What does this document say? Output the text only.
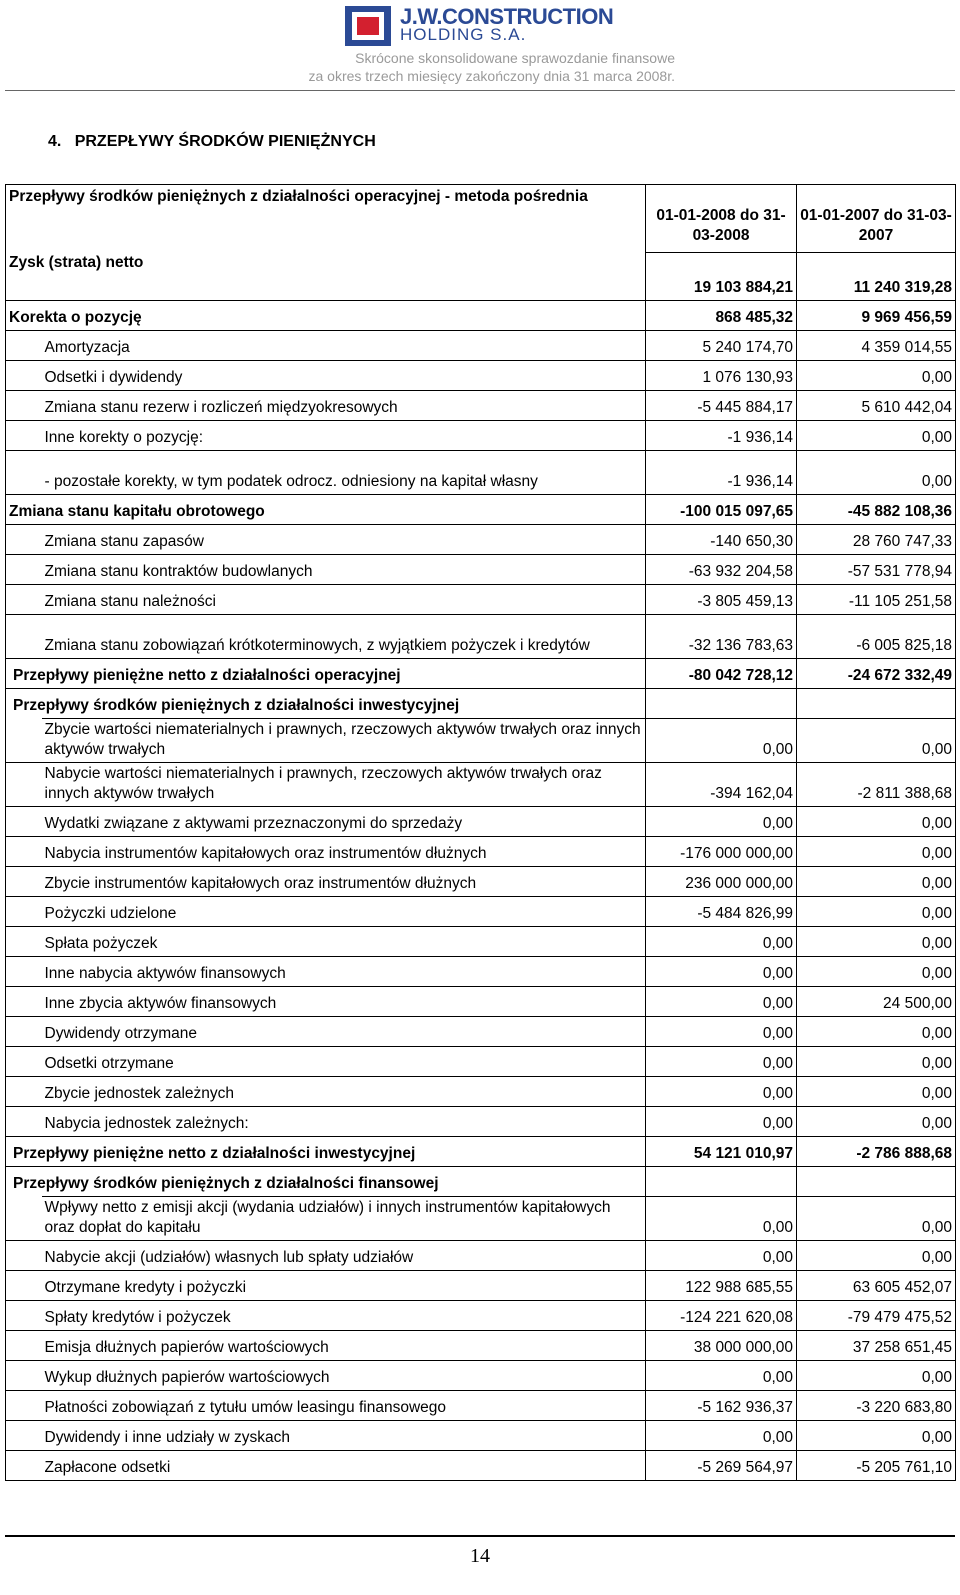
J.W.CONSTRUCTION
HOLDING S.A.
Skrócone skonsolidowane sprawozdanie finansowe
za okres trzech miesięcy zakończony dnia 31 marca 2008r.
4. PRZEPŁYWY ŚRODKÓW PIENIĘŻNYCH
Przepływy środków pieniężnych z działalności operacyjnej - metoda pośrednia		01-01-2008 do 31-03-2008	01-01-2007 do 31-03-2007

Zysk (strata) netto		19 103 884,21	11 240 319,28
Korekta o pozycję		868 485,32	9 969 456,59
	Amortyzacja	5 240 174,70	4 359 014,55
	Odsetki i dywidendy	1 076 130,93	0,00
	Zmiana stanu rezerw i rozliczeń międzyokresowych	-5 445 884,17	5 610 442,04
	Inne korekty o pozycję:	-1 936,14	0,00
	- pozostałe korekty, w tym podatek odrocz. odniesiony na kapitał własny	-1 936,14	0,00
Zmiana stanu kapitału obrotowego		-100 015 097,65	-45 882 108,36
	Zmiana stanu zapasów	-140 650,30	28 760 747,33
	Zmiana stanu kontraktów budowlanych	-63 932 204,58	-57 531 778,94
	Zmiana stanu należności	-3 805 459,13	-11 105 251,58
	Zmiana stanu zobowiązań krótkoterminowych, z wyjątkiem pożyczek i kredytów	-32 136 783,63	-6 005 825,18
Przepływy pieniężne netto z działalności operacyjnej		-80 042 728,12	-24 672 332,49
Przepływy środków pieniężnych z działalności inwestycyjnej			
	Zbycie wartości niematerialnych i prawnych, rzeczowych aktywów trwałych oraz innych aktywów trwałych	0,00	0,00
	Nabycie wartości niematerialnych i prawnych, rzeczowych aktywów trwałych oraz innych aktywów trwałych	-394 162,04	-2 811 388,68
	Wydatki związane z aktywami przeznaczonymi do sprzedaży	0,00	0,00
	Nabycia instrumentów kapitałowych oraz instrumentów dłużnych	-176 000 000,00	0,00
	Zbycie instrumentów kapitałowych oraz instrumentów dłużnych	236 000 000,00	0,00
	Pożyczki udzielone	-5 484 826,99	0,00
	Spłata pożyczek	0,00	0,00
	Inne nabycia aktywów finansowych	0,00	0,00
	Inne zbycia aktywów finansowych	0,00	24 500,00
	Dywidendy otrzymane	0,00	0,00
	Odsetki otrzymane	0,00	0,00
	Zbycie jednostek zależnych	0,00	0,00
	Nabycia jednostek zależnych:	0,00	0,00
Przepływy pieniężne netto z działalności inwestycyjnej		54 121 010,97	-2 786 888,68
Przepływy środków pieniężnych z działalności finansowej			
	Wpływy netto z emisji akcji (wydania udziałów) i innych instrumentów kapitałowych oraz dopłat do kapitału	0,00	0,00
	Nabycie akcji (udziałów) własnych lub spłaty udziałów	0,00	0,00
	Otrzymane kredyty i pożyczki	122 988 685,55	63 605 452,07
	Spłaty kredytów i pożyczek	-124 221 620,08	-79 479 475,52
	Emisja dłużnych papierów wartościowych	38 000 000,00	37 258 651,45
	Wykup dłużnych papierów wartościowych	0,00	0,00
	Płatności zobowiązań z tytułu umów leasingu finansowego	-5 162 936,37	-3 220 683,80
	Dywidendy i inne udziały w zyskach	0,00	0,00
	Zapłacone odsetki	-5 269 564,97	-5 205 761,10
14
